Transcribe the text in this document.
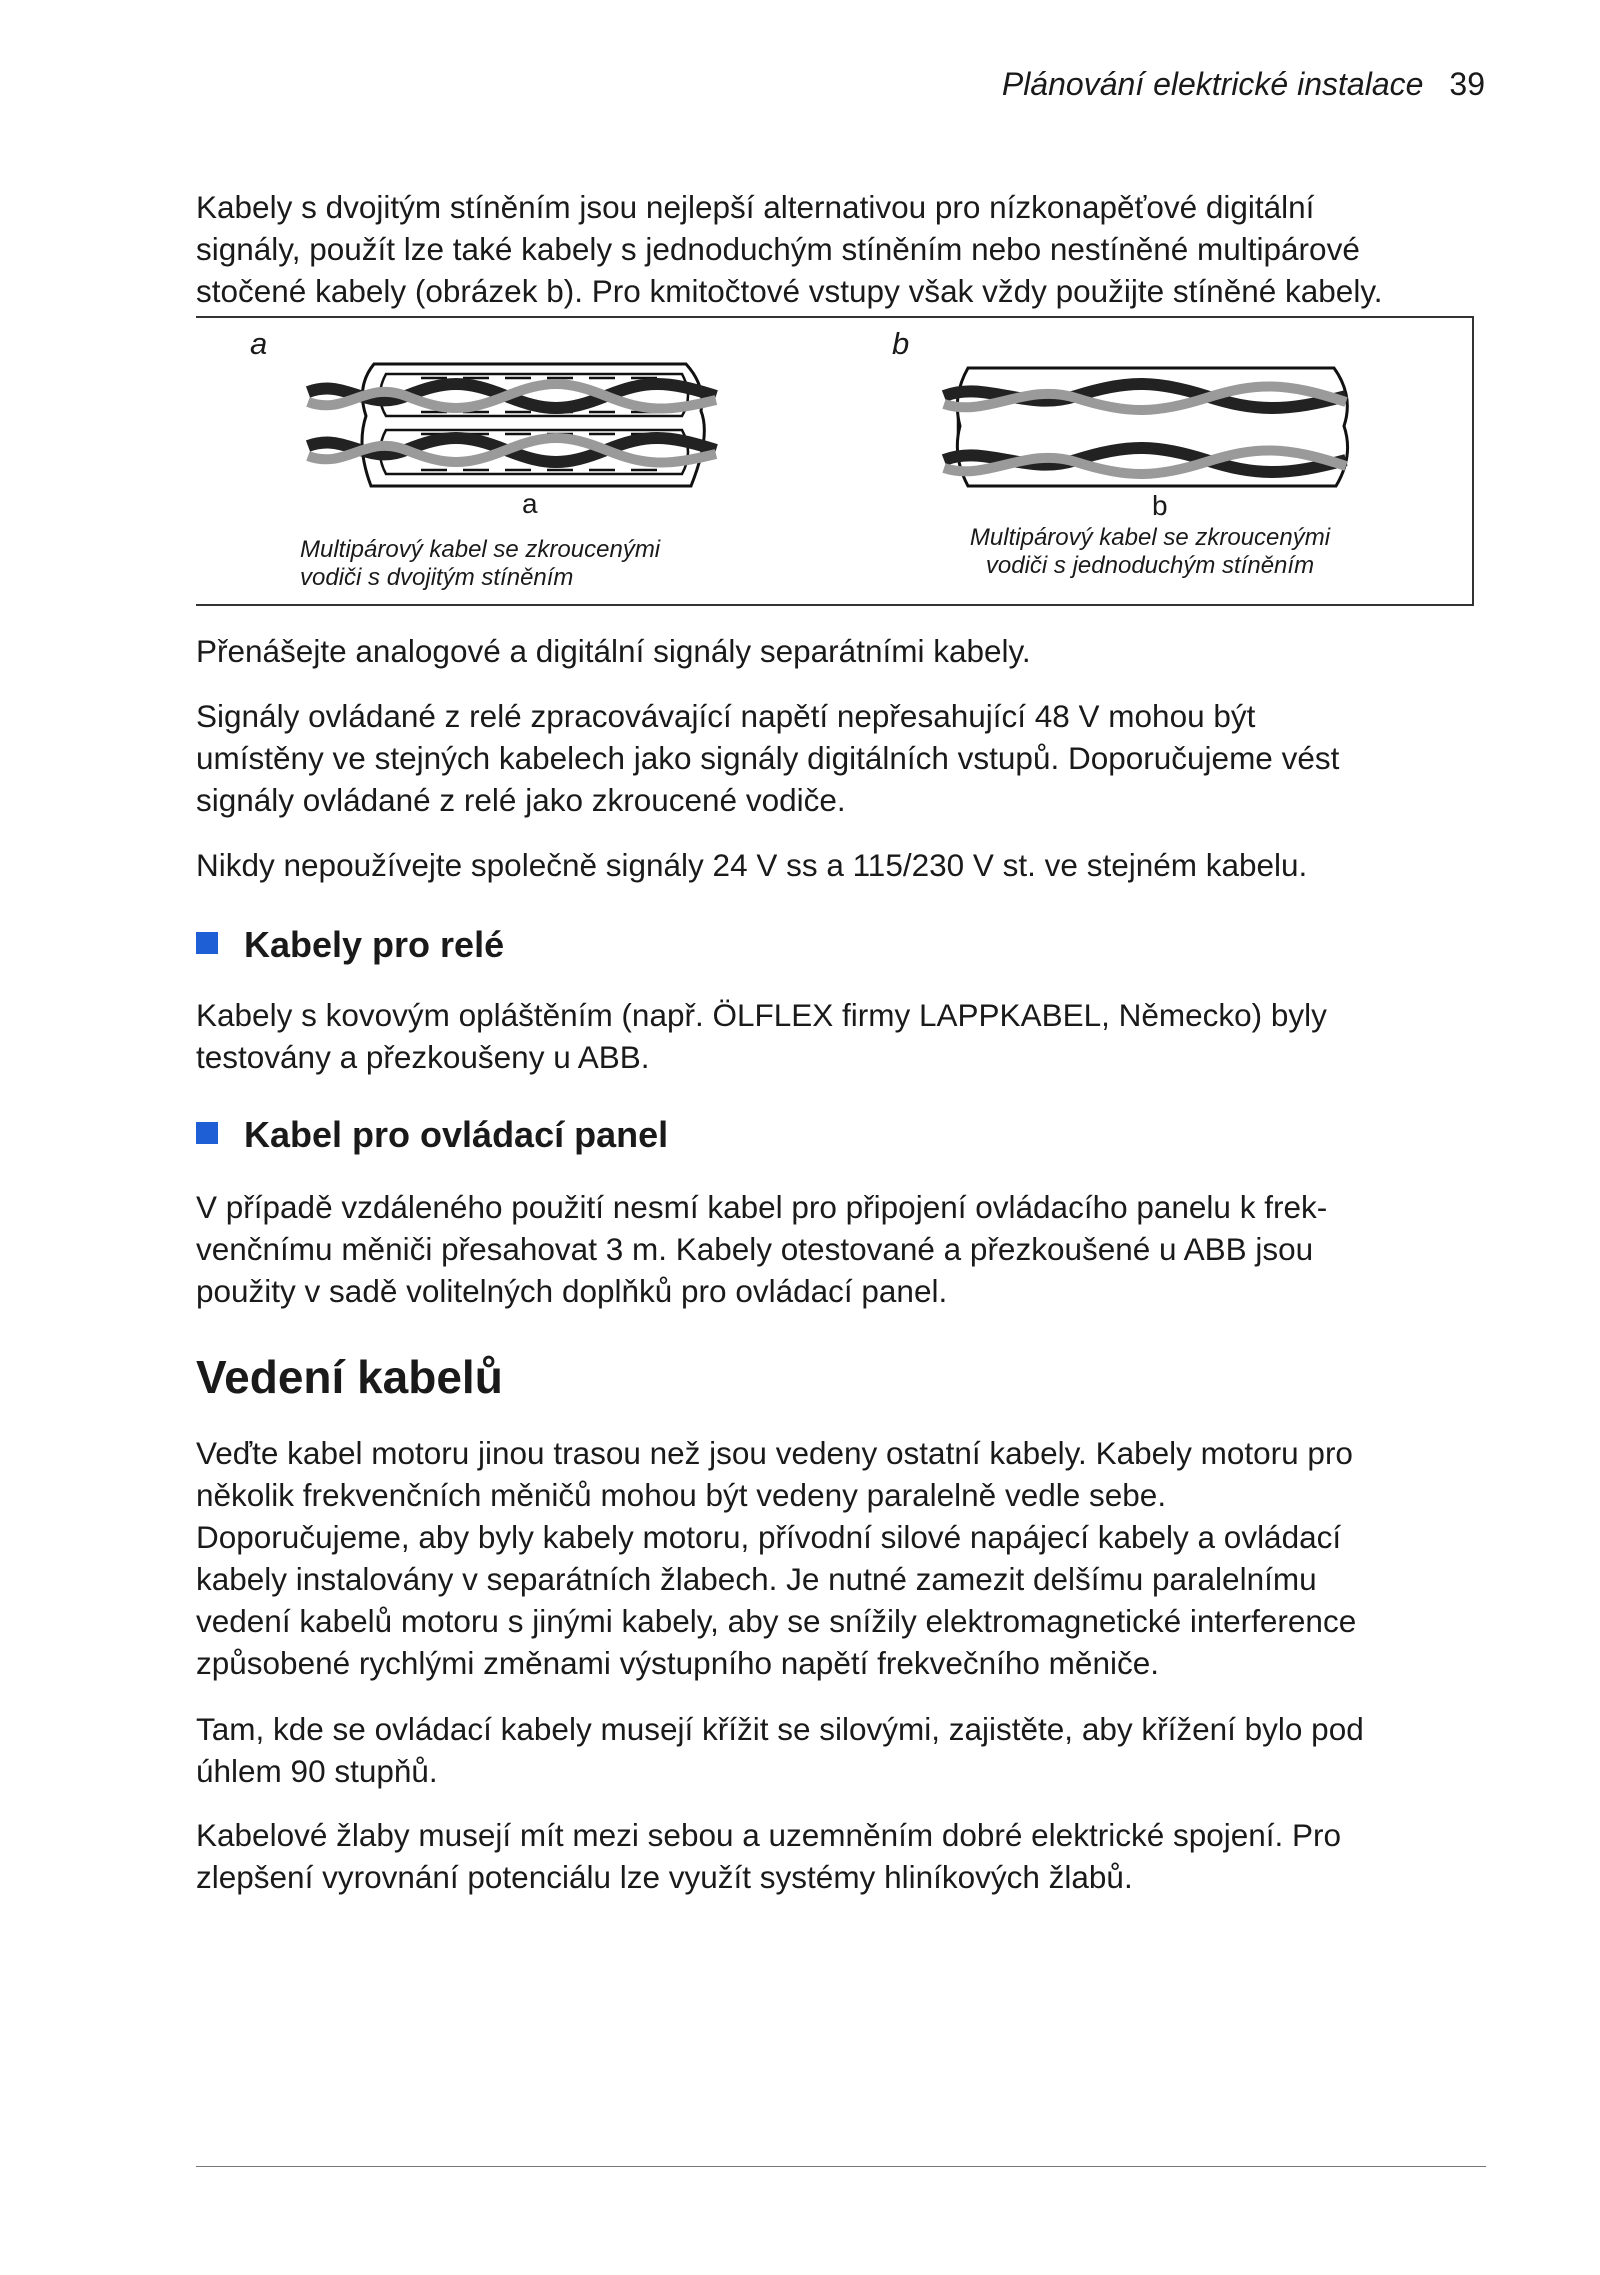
Plánování elektrické instalace 39
Kabely s dvojitým stíněním jsou nejlepší alternativou pro nízkonapěťové digitální
signály, použít lze také kabely s jednoduchým stíněním nebo nestíněné multipárové
stočené kabely (obrázek b). Pro kmitočtové vstupy však vždy použijte stíněné kabely.
a	b
a	b
Multipárový kabel se zkroucenými
vodiči s dvojitým stíněním
Multipárový kabel se zkroucenými
vodiči s jednoduchým stíněním
Přenášejte analogové a digitální signály separátními kabely.
Signály ovládané z relé zpracovávající napětí nepřesahující 48 V mohou být
umístěny ve stejných kabelech jako signály digitálních vstupů. Doporučujeme vést
signály ovládané z relé jako zkroucené vodiče.
Nikdy nepoužívejte společně signály 24 V ss a 115/230 V st. ve stejném kabelu.
Kabely pro relé
Kabely s kovovým opláštěním (např. ÖLFLEX firmy LAPPKABEL, Německo) byly
testovány a přezkoušeny u ABB.
Kabel pro ovládací panel
V případě vzdáleného použití nesmí kabel pro připojení ovládacího panelu k frek-
venčnímu měniči přesahovat 3 m. Kabely otestované a přezkoušené u ABB jsou
použity v sadě volitelných doplňků pro ovládací panel.
Vedení kabelů
Veďte kabel motoru jinou trasou než jsou vedeny ostatní kabely. Kabely motoru pro
několik frekvenčních měničů mohou být vedeny paralelně vedle sebe.
Doporučujeme, aby byly kabely motoru, přívodní silové napájecí kabely a ovládací
kabely instalovány v separátních žlabech. Je nutné zamezit delšímu paralelnímu
vedení kabelů motoru s jinými kabely, aby se snížily elektromagnetické interference
způsobené rychlými změnami výstupního napětí frekvečního měniče.
Tam, kde se ovládací kabely musejí křížit se silovými, zajistěte, aby křížení bylo pod
úhlem 90 stupňů.
Kabelové žlaby musejí mít mezi sebou a uzemněním dobré elektrické spojení. Pro
zlepšení vyrovnání potenciálu lze využít systémy hliníkových žlabů.
